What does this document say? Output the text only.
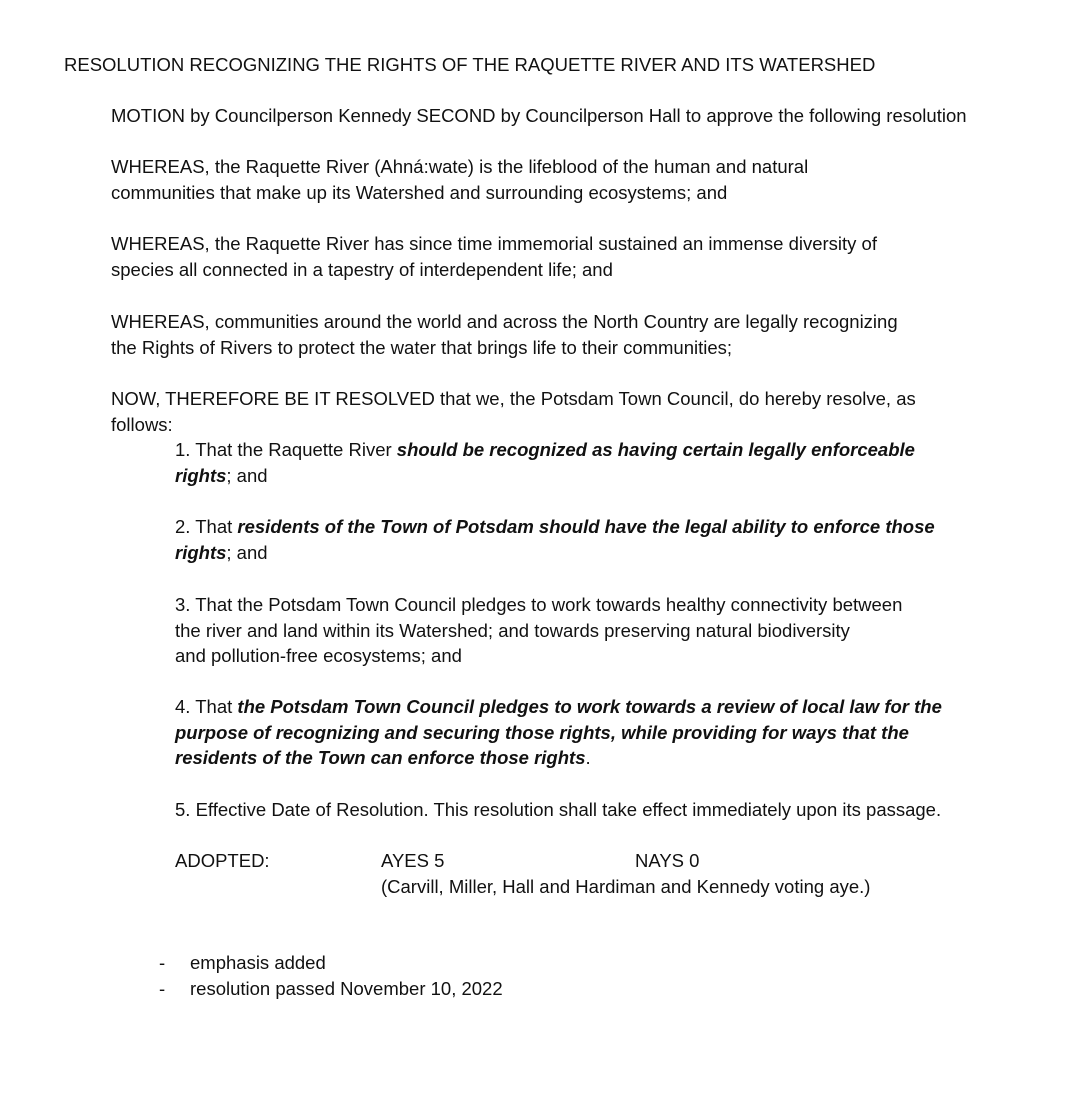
RESOLUTION RECOGNIZING THE RIGHTS OF THE RAQUETTE RIVER AND ITS WATERSHED

MOTION by Councilperson Kennedy SECOND by Councilperson Hall to approve the following resolution

WHEREAS, the Raquette River (Ahná:wate) is the lifeblood of the human and natural
communities that make up its Watershed and surrounding ecosystems; and
WHEREAS, the Raquette River has since time immemorial sustained an immense diversity of
species all connected in a tapestry of interdependent life; and
WHEREAS, communities around the world and across the North Country are legally recognizing
the Rights of Rivers to protect the water that brings life to their communities;
NOW, THEREFORE BE IT RESOLVED that we, the Potsdam Town Council, do hereby resolve, as
follows:
1. That the Raquette River should be recognized as having certain legally enforceable
rights; and
2. That residents of the Town of Potsdam should have the legal ability to enforce those
rights; and
3. That the Potsdam Town Council pledges to work towards healthy connectivity between
the river and land within its Watershed; and towards preserving natural biodiversity
and pollution-free ecosystems; and
4. That the Potsdam Town Council pledges to work towards a review of local law for the
purpose of recognizing and securing those rights, while providing for ways that the
residents of the Town can enforce those rights.
5. Effective Date of Resolution. This resolution shall take effect immediately upon its passage.

ADOPTED:	AYES 5	NAYS 0

(Carvill, Miller, Hall and Hardiman and Kennedy voting aye.)

- emphasis added

- resolution passed November 10, 2022
